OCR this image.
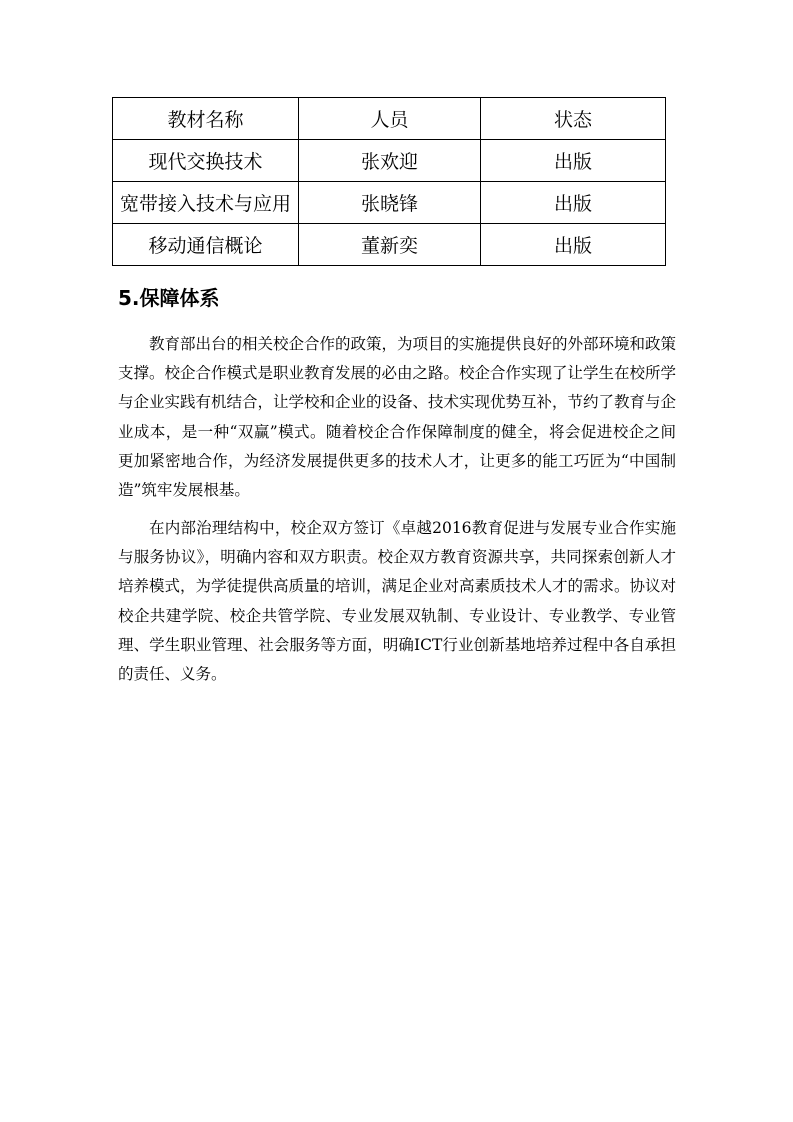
教材名称	人员	状态
现代交换技术	张欢迎	出版
宽带接入技术与应用	张晓锋	出版
移动通信概论	董新奕	出版
5.保障体系

教育部出台的相关校企合作的政策，为项目的实施提供良好的外部环境和政策支撑。校企合作模式是职业教育发展的必由之路。校企合作实现了让学生在校所学与企业实践有机结合，让学校和企业的设备、技术实现优势互补，节约了教育与企业成本，是一种“双赢”模式。随着校企合作保障制度的健全，将会促进校企之间更加紧密地合作，为经济发展提供更多的技术人才，让更多的能工巧匠为“中国制造”筑牢发展根基。

在内部治理结构中，校企双方签订《卓越2016教育促进与发展专业合作实施与服务协议》，明确内容和双方职责。校企双方教育资源共享，共同探索创新人才培养模式，为学徒提供高质量的培训，满足企业对高素质技术人才的需求。协议对校企共建学院、校企共管学院、专业发展双轨制、专业设计、专业教学、专业管理、学生职业管理、社会服务等方面，明确ICT行业创新基地培养过程中各自承担的责任、义务。
